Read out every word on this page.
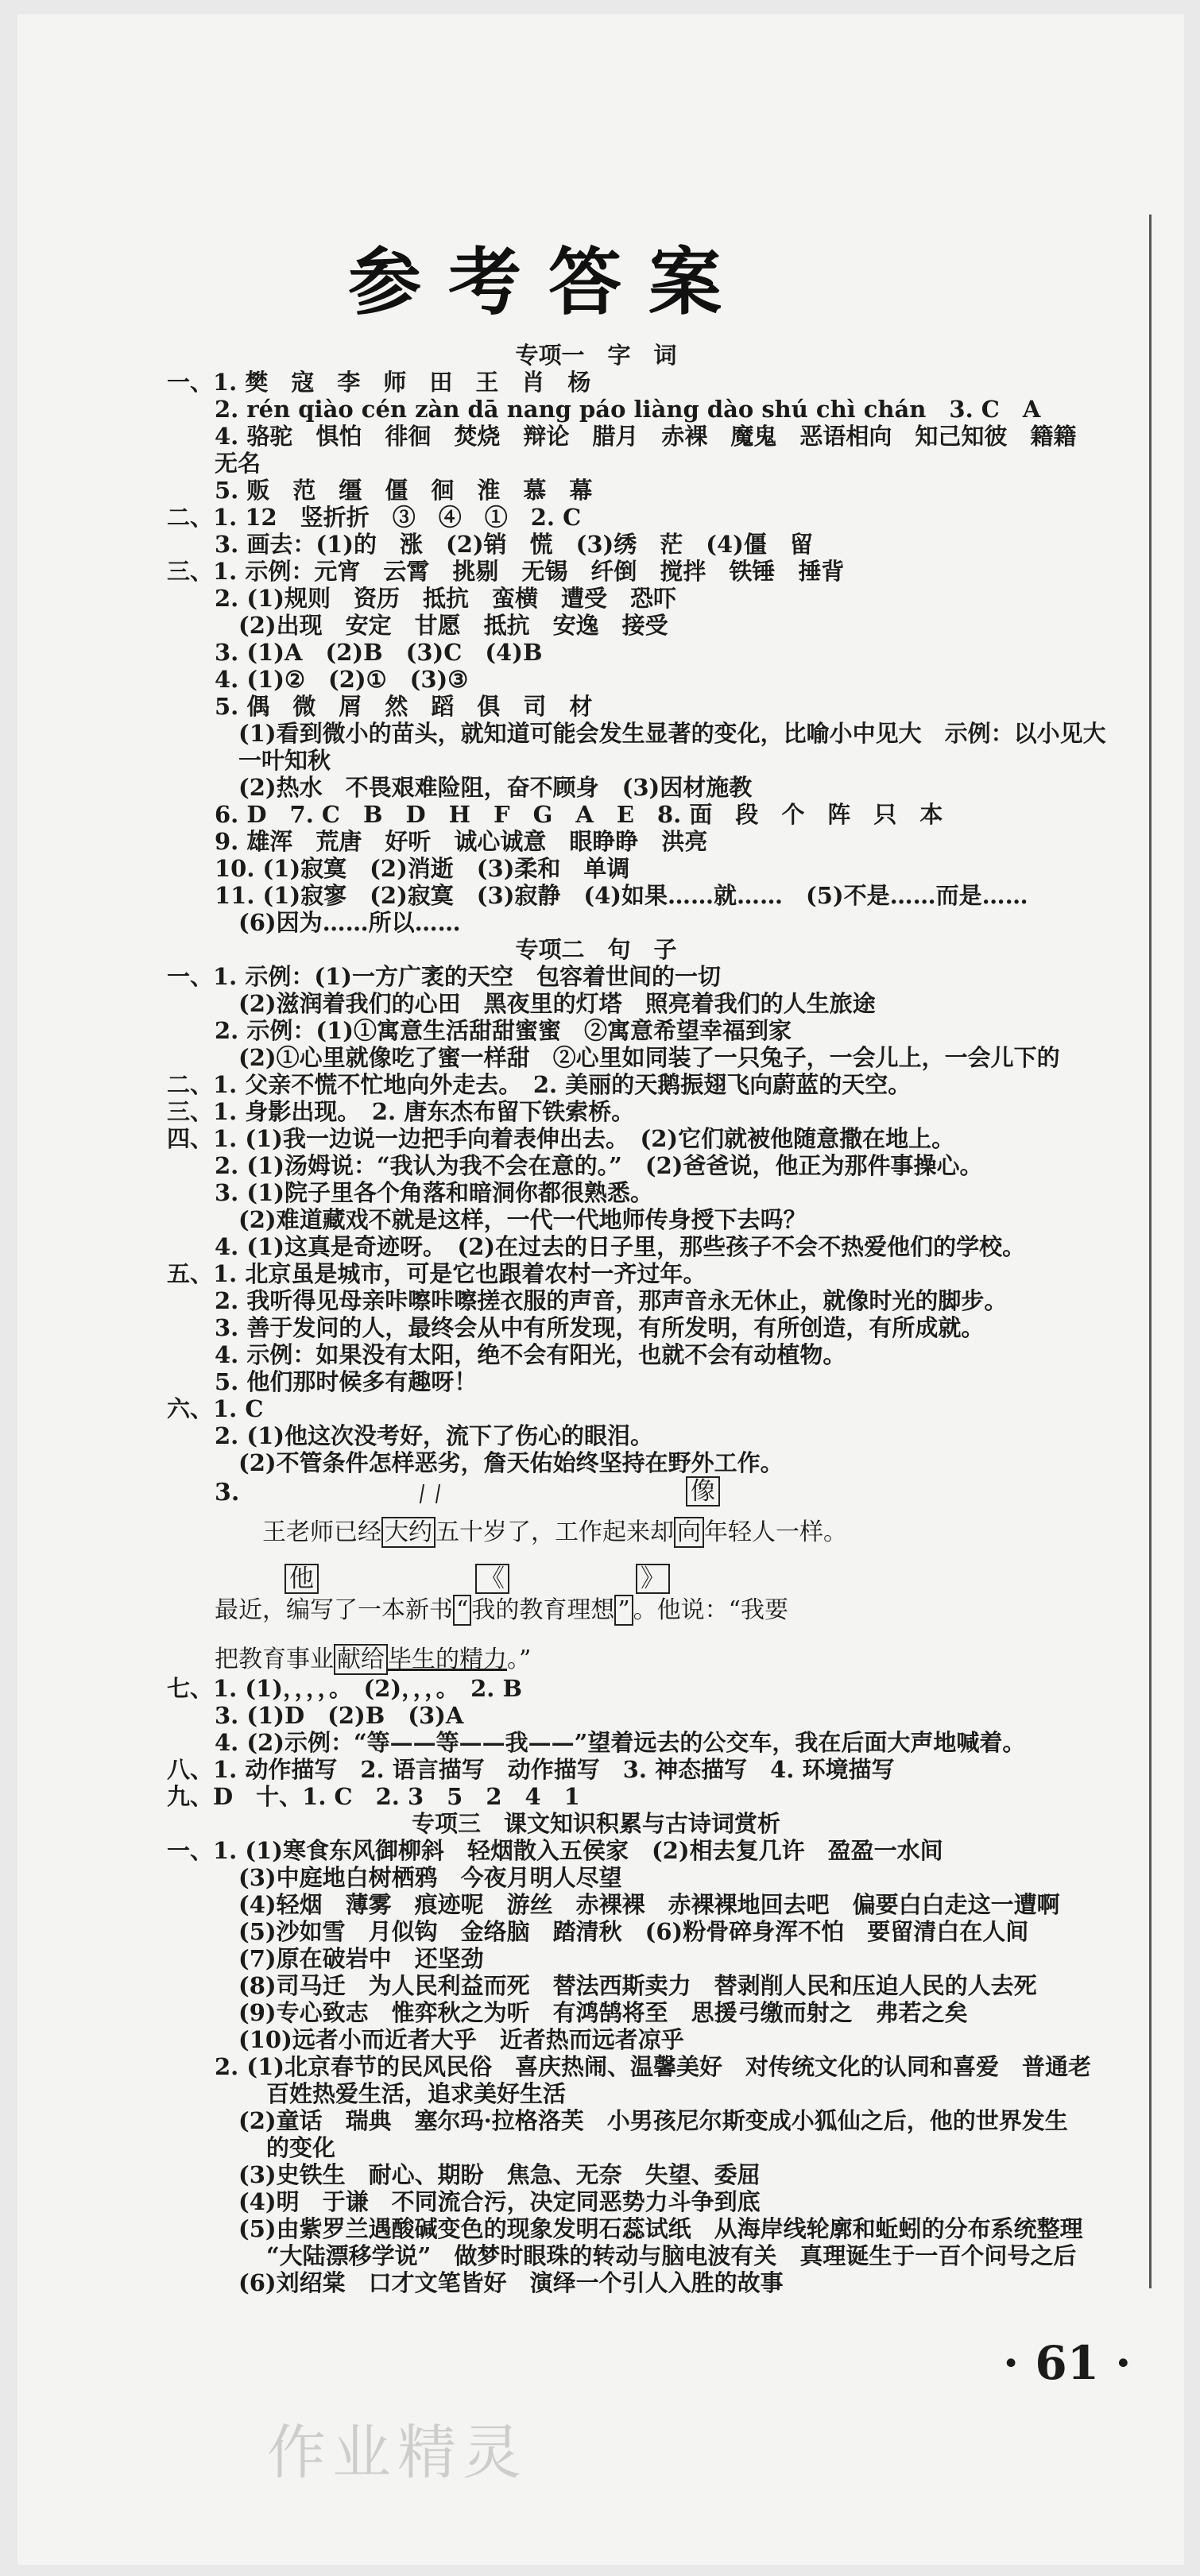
参考答案
专项一　字　词
一、1. 樊　寇　李　师　田　王　肖　杨
2. rén qiào cén zàn dā nang páo liàng dào shú chì chán　3. C　A
4. 骆驼　惧怕　徘徊　焚烧　辩论　腊月　赤裸　魔鬼　恶语相向　知己知彼　籍籍
无名
5. 贩　范　缰　僵　徊　淮　慕　幕
二、1. 12　竖折折　③　④　①　2. C
3. 画去：(1)的　涨　(2)销　慌　(3)绣　茫　(4)僵　留
三、1. 示例：元宵　云霄　挑剔　无锡　纤倒　搅拌　铁锤　捶背
2. (1)规则　资历　抵抗　蛮横　遭受　恐吓
(2)出现　安定　甘愿　抵抗　安逸　接受
3. (1)A　(2)B　(3)C　(4)B
4. (1)②　(2)①　(3)③
5. 偶　微　屑　然　蹈　俱　司　材
(1)看到微小的苗头，就知道可能会发生显著的变化，比喻小中见大　示例：以小见大
一叶知秋
(2)热水　不畏艰难险阻，奋不顾身　(3)因材施教
6. D　7. C　B　D　H　F　G　A　E　8. 面　段　个　阵　只　本
9. 雄浑　荒唐　好听　诚心诚意　眼睁睁　洪亮
10. (1)寂寞　(2)消逝　(3)柔和　单调
11. (1)寂寥　(2)寂寞　(3)寂静　(4)如果……就……　(5)不是……而是……
(6)因为……所以……
专项二　句　子
一、1. 示例：(1)一方广袤的天空　包容着世间的一切
(2)滋润着我们的心田　黑夜里的灯塔　照亮着我们的人生旅途
2. 示例：(1)①寓意生活甜甜蜜蜜　②寓意希望幸福到家
(2)①心里就像吃了蜜一样甜　②心里如同装了一只兔子，一会儿上，一会儿下的
二、1. 父亲不慌不忙地向外走去。　2. 美丽的天鹅振翅飞向蔚蓝的天空。
三、1. 身影出现。　2. 唐东杰布留下铁索桥。
四、1. (1)我一边说一边把手向着表伸出去。　(2)它们就被他随意撒在地上。
2. (1)汤姆说：“我认为我不会在意的。”　(2)爸爸说，他正为那件事操心。
3. (1)院子里各个角落和暗洞你都很熟悉。
(2)难道藏戏不就是这样，一代一代地师传身授下去吗？
4. (1)这真是奇迹呀。　(2)在过去的日子里，那些孩子不会不热爱他们的学校。
五、1. 北京虽是城市，可是它也跟着农村一齐过年。
2. 我听得见母亲咔嚓咔嚓搓衣服的声音，那声音永无休止，就像时光的脚步。
3. 善于发问的人，最终会从中有所发现，有所发明，有所创造，有所成就。
4. 示例：如果没有太阳，绝不会有阳光，也就不会有动植物。
5. 他们那时候多有趣呀！
六、1. C
2. (1)他这次没考好，流下了伤心的眼泪。
(2)不管条件怎样恶劣，詹天佑始终坚持在野外工作。
3.	像
王老师已经 大约 五十岁了，工作起来却 向 年轻人一样。
他	《	》
最近，编写了一本新书 “ 我的教育理想 ” 。他说：“我要
把教育事业 献给 毕生的精力。”
七、1. (1)，，，，。　(2)，，，。　2. B
3. (1)D　(2)B　(3)A
4. (2)示例：“等——等——我——”望着远去的公交车，我在后面大声地喊着。
八、1. 动作描写　2. 语言描写　动作描写　3. 神态描写　4. 环境描写
九、D　十、1. C　2. 3　5　2　4　1
专项三　课文知识积累与古诗词赏析
一、1. (1)寒食东风御柳斜　轻烟散入五侯家　(2)相去复几许　盈盈一水间
(3)中庭地白树栖鸦　今夜月明人尽望
(4)轻烟　薄雾　痕迹呢　游丝　赤裸裸　赤裸裸地回去吧　偏要白白走这一遭啊
(5)沙如雪　月似钩　金络脑　踏清秋　(6)粉骨碎身浑不怕　要留清白在人间
(7)原在破岩中　还坚劲
(8)司马迁　为人民利益而死　替法西斯卖力　替剥削人民和压迫人民的人去死
(9)专心致志　惟弈秋之为听　有鸿鹄将至　思援弓缴而射之　弗若之矣
(10)远者小而近者大乎　近者热而远者凉乎
2. (1)北京春节的民风民俗　喜庆热闹、温馨美好　对传统文化的认同和喜爱　普通老
百姓热爱生活，追求美好生活
(2)童话　瑞典　塞尔玛·拉格洛芙　小男孩尼尔斯变成小狐仙之后，他的世界发生
的变化
(3)史铁生　耐心、期盼　焦急、无奈　失望、委屈
(4)明　于谦　不同流合污，决定同恶势力斗争到底
(5)由紫罗兰遇酸碱变色的现象发明石蕊试纸　从海岸线轮廓和蚯蚓的分布系统整理
“大陆漂移学说”　做梦时眼珠的转动与脑电波有关　真理诞生于一百个问号之后
(6)刘绍棠　口才文笔皆好　演绎一个引人入胜的故事
· 61 ·
作业精灵
